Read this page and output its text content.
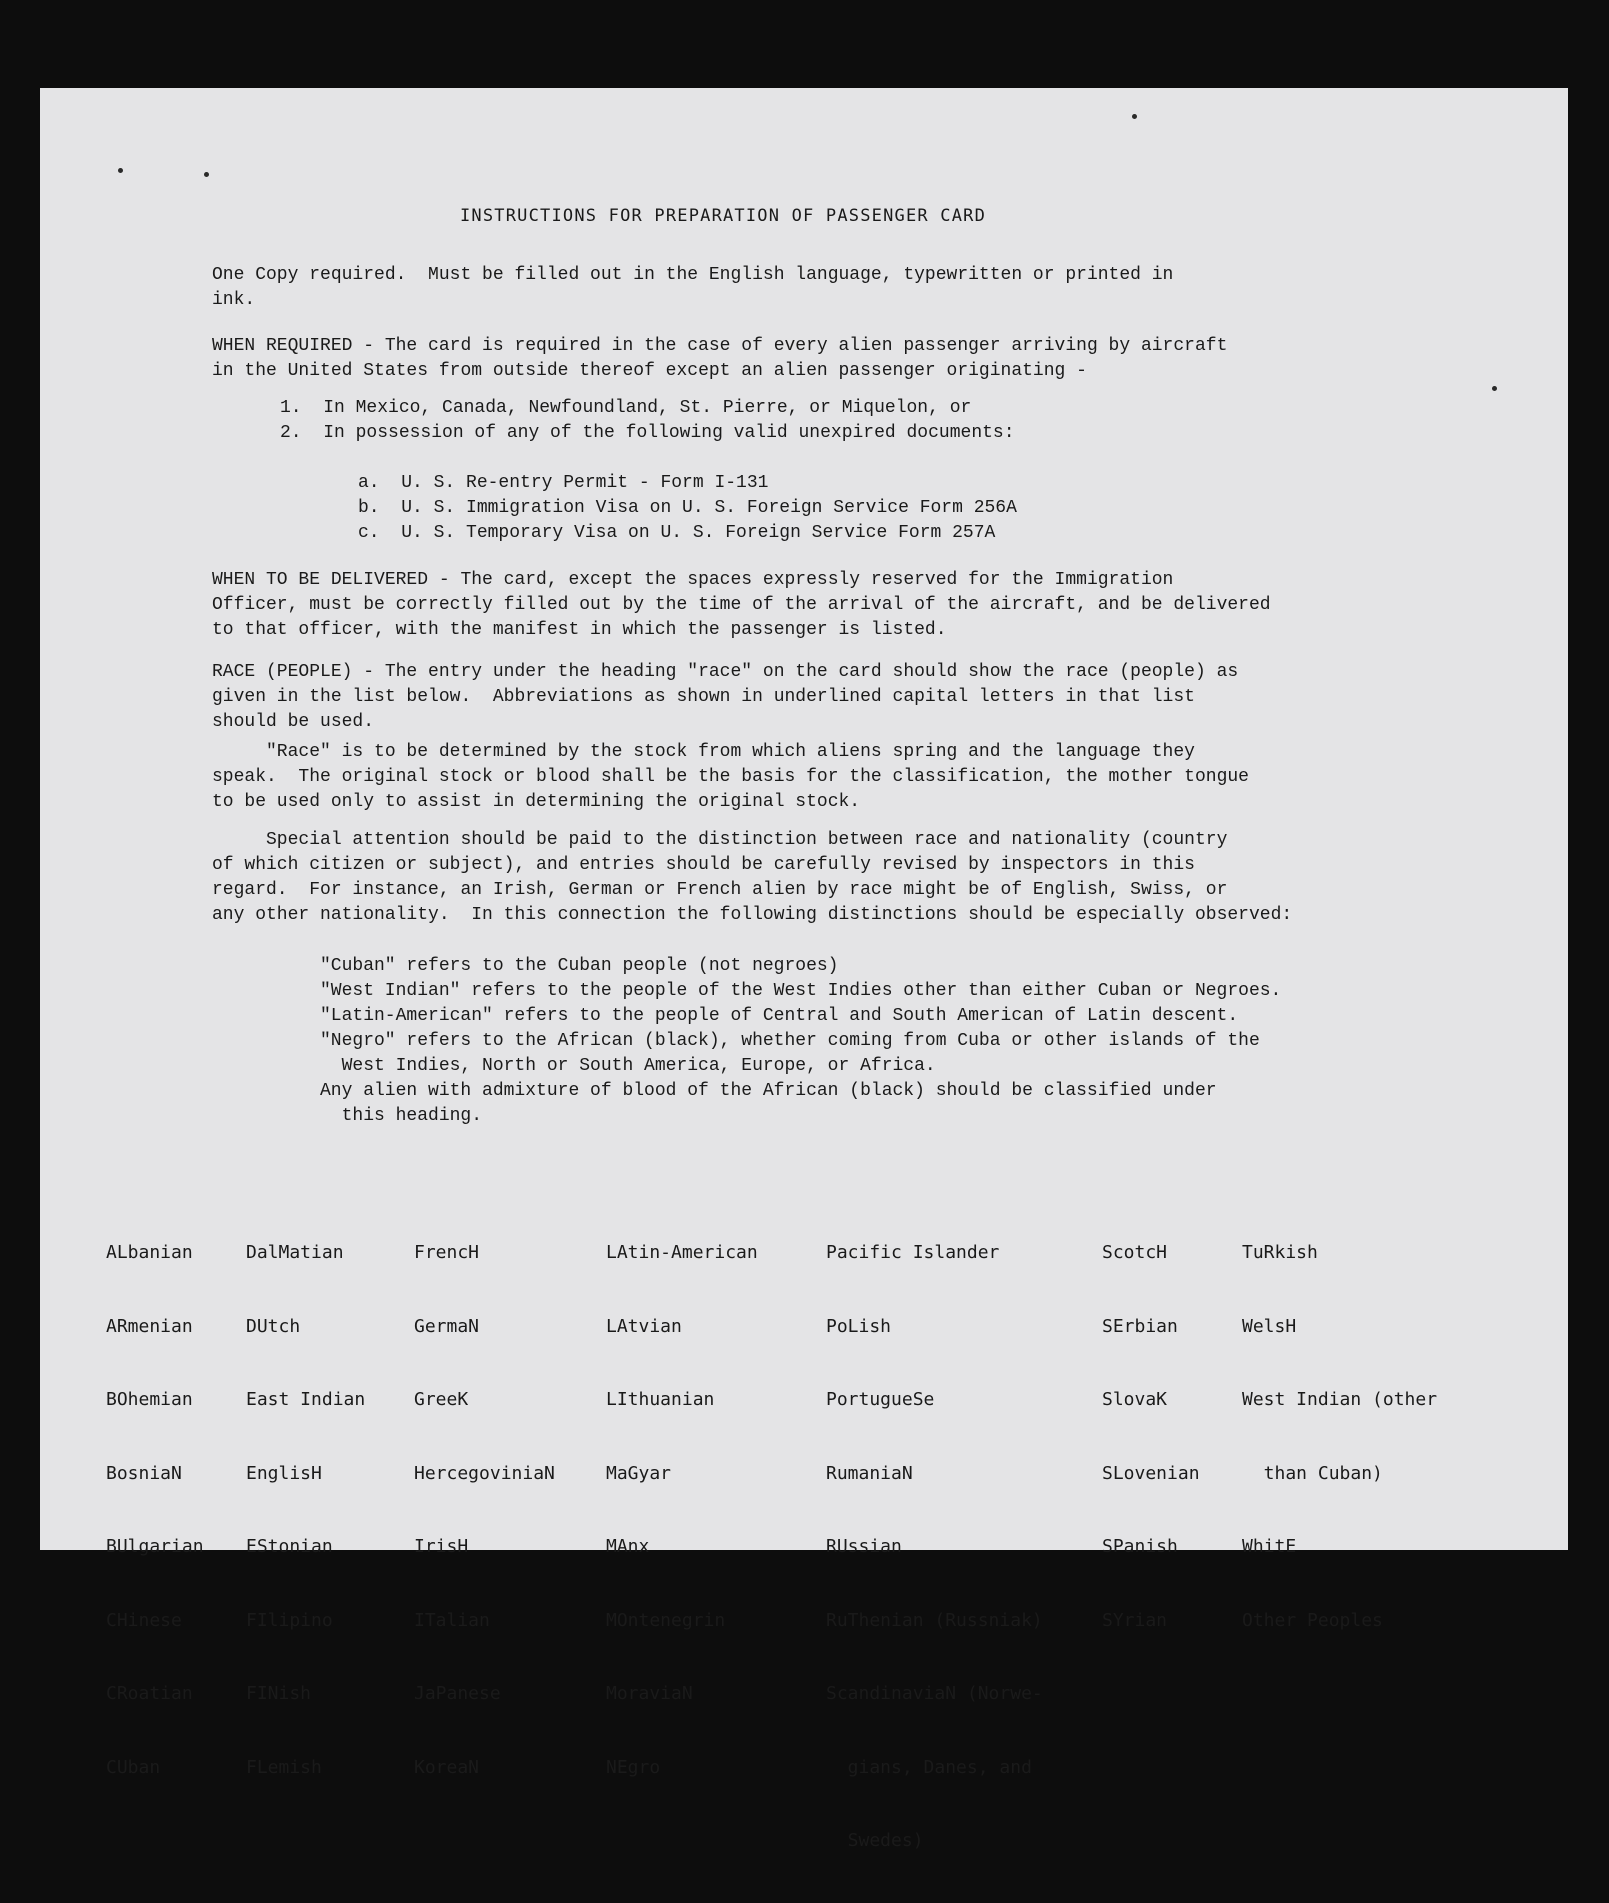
INSTRUCTIONS FOR PREPARATION OF PASSENGER CARD
One Copy required.  Must be filled out in the English language, typewritten or printed in
ink.
WHEN REQUIRED - The card is required in the case of every alien passenger arriving by aircraft
in the United States from outside thereof except an alien passenger originating -
1.  In Mexico, Canada, Newfoundland, St. Pierre, or Miquelon, or
2.  In possession of any of the following valid unexpired documents:
a.  U. S. Re-entry Permit - Form I-131
b.  U. S. Immigration Visa on U. S. Foreign Service Form 256A
c.  U. S. Temporary Visa on U. S. Foreign Service Form 257A
WHEN TO BE DELIVERED - The card, except the spaces expressly reserved for the Immigration
Officer, must be correctly filled out by the time of the arrival of the aircraft, and be delivered
to that officer, with the manifest in which the passenger is listed.
RACE (PEOPLE) - The entry under the heading "race" on the card should show the race (people) as
given in the list below.  Abbreviations as shown in underlined capital letters in that list
should be used.
"Race" is to be determined by the stock from which aliens spring and the language they
speak.  The original stock or blood shall be the basis for the classification, the mother tongue
to be used only to assist in determining the original stock.
Special attention should be paid to the distinction between race and nationality (country
of which citizen or subject), and entries should be carefully revised by inspectors in this
regard.  For instance, an Irish, German or French alien by race might be of English, Swiss, or
any other nationality.  In this connection the following distinctions should be especially observed:
"Cuban" refers to the Cuban people (not negroes)
"West Indian" refers to the people of the West Indies other than either Cuban or Negroes.
"Latin-American" refers to the people of Central and South American of Latin descent.
"Negro" refers to the African (black), whether coming from Cuba or other islands of the
West Indies, North or South America, Europe, or Africa.
Any alien with admixture of blood of the African (black) should be classified under
this heading.

ALbanian

ARmenian

BOhemian

BosniaN

BUlgarian

CHinese

CRoatian

CUban

DalMatian

DUtch

East Indian

EnglisH

EStonian

FIlipino

FINish

FLemish

FrencH

GermaN

GreeK

HercegoviniaN

IrisH

ITalian

JaPanese

KoreaN

LAtin-American

LAtvian

LIthuanian

MaGyar

MAnx

MOntenegrin

MoraviaN

NEgro

Pacific Islander

PoLish

PortugueSe

RumaniaN

RUssian

RuThenian (Russniak)

ScandinaviaN (Norwe-

gians, Danes, and

Swedes)

ScotcH

SErbian

SlovaK

SLovenian

SPanish

SYrian

TuRkish

WelsH

West Indian (other

than Cuban)

WhitE

Other Peoples
